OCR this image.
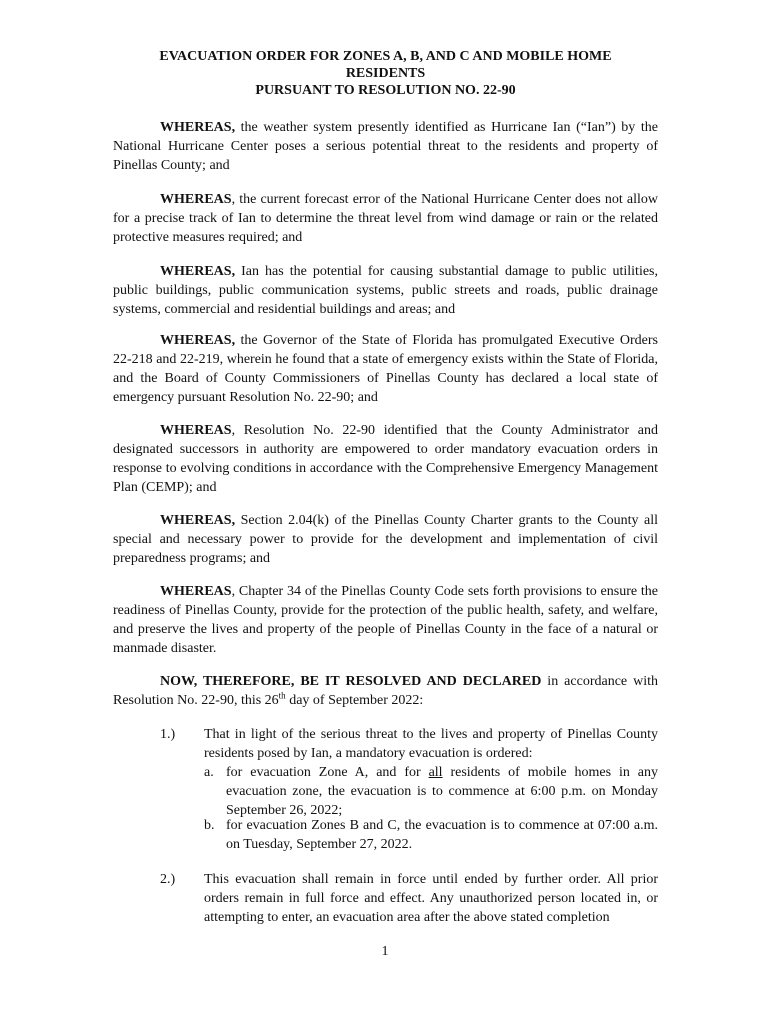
EVACUATION ORDER FOR ZONES A, B, AND C AND MOBILE HOME
RESIDENTS
PURSUANT TO RESOLUTION NO. 22-90
WHEREAS, the weather system presently identified as Hurricane Ian (“Ian”) by the National Hurricane Center poses a serious potential threat to the residents and property of Pinellas County; and
WHEREAS, the current forecast error of the National Hurricane Center does not allow for a precise track of Ian to determine the threat level from wind damage or rain or the related protective measures required; and
WHEREAS, Ian has the potential for causing substantial damage to public utilities, public buildings, public communication systems, public streets and roads, public drainage systems, commercial and residential buildings and areas; and
WHEREAS, the Governor of the State of Florida has promulgated Executive Orders 22-218 and 22-219, wherein he found that a state of emergency exists within the State of Florida, and the Board of County Commissioners of Pinellas County has declared a local state of emergency pursuant Resolution No. 22-90; and
WHEREAS, Resolution No. 22-90 identified that the County Administrator and designated successors in authority are empowered to order mandatory evacuation orders in response to evolving conditions in accordance with the Comprehensive Emergency Management Plan (CEMP); and
WHEREAS, Section 2.04(k) of the Pinellas County Charter grants to the County all special and necessary power to provide for the development and implementation of civil preparedness programs; and
WHEREAS, Chapter 34 of the Pinellas County Code sets forth provisions to ensure the readiness of Pinellas County, provide for the protection of the public health, safety, and welfare, and preserve the lives and property of the people of Pinellas County in the face of a natural or manmade disaster.
NOW, THEREFORE, BE IT RESOLVED AND DECLARED in accordance with Resolution No. 22-90, this 26th day of September 2022:
1.) That in light of the serious threat to the lives and property of Pinellas County residents posed by Ian, a mandatory evacuation is ordered:
a. for evacuation Zone A, and for all residents of mobile homes in any evacuation zone, the evacuation is to commence at 6:00 p.m. on Monday September 26, 2022;
b. for evacuation Zones B and C, the evacuation is to commence at 07:00 a.m. on Tuesday, September 27, 2022.
2.) This evacuation shall remain in force until ended by further order. All prior orders remain in full force and effect. Any unauthorized person located in, or attempting to enter, an evacuation area after the above stated completion
1
